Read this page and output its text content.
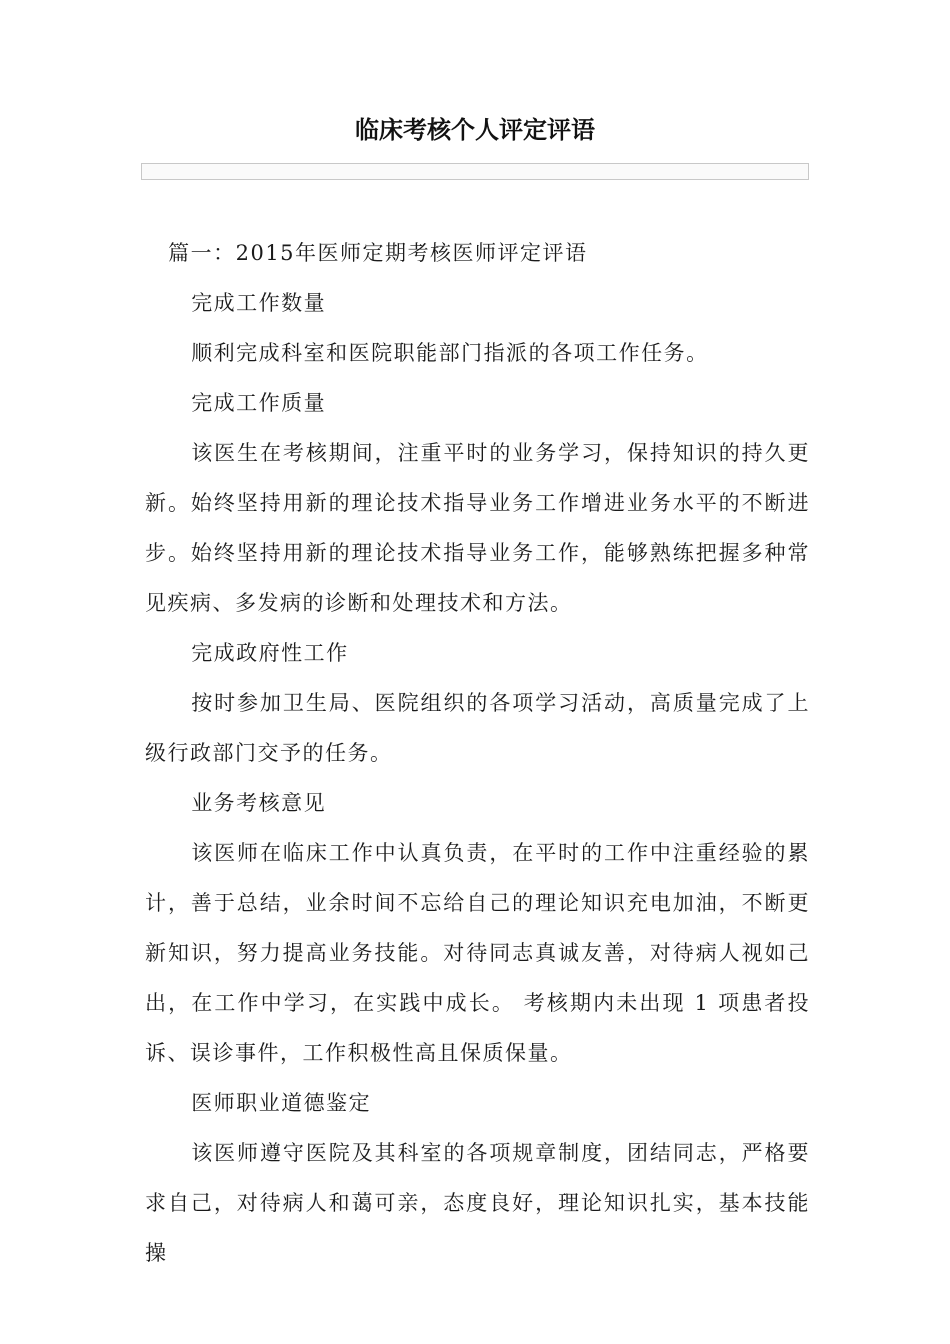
临床考核个人评定评语

篇一：2015年医师定期考核医师评定评语

完成工作数量

顺利完成科室和医院职能部门指派的各项工作任务。

完成工作质量

该医生在考核期间，注重平时的业务学习，保持知识的持久更新。始终坚持用新的理论技术指导业务工作增进业务水平的不断进步。始终坚持用新的理论技术指导业务工作，能够熟练把握多种常见疾病、多发病的诊断和处理技术和方法。

完成政府性工作

按时参加卫生局、医院组织的各项学习活动，高质量完成了上级行政部门交予的任务。

业务考核意见

该医师在临床工作中认真负责，在平时的工作中注重经验的累计，善于总结，业余时间不忘给自己的理论知识充电加油，不断更新知识，努力提高业务技能。对待同志真诚友善，对待病人视如己出，在工作中学习，在实践中成长。 考核期内未出现 1 项患者投诉、误诊事件，工作积极性高且保质保量。

医师职业道德鉴定

该医师遵守医院及其科室的各项规章制度，团结同志，严格要求自己，对待病人和蔼可亲，态度良好，理论知识扎实，基本技能操
